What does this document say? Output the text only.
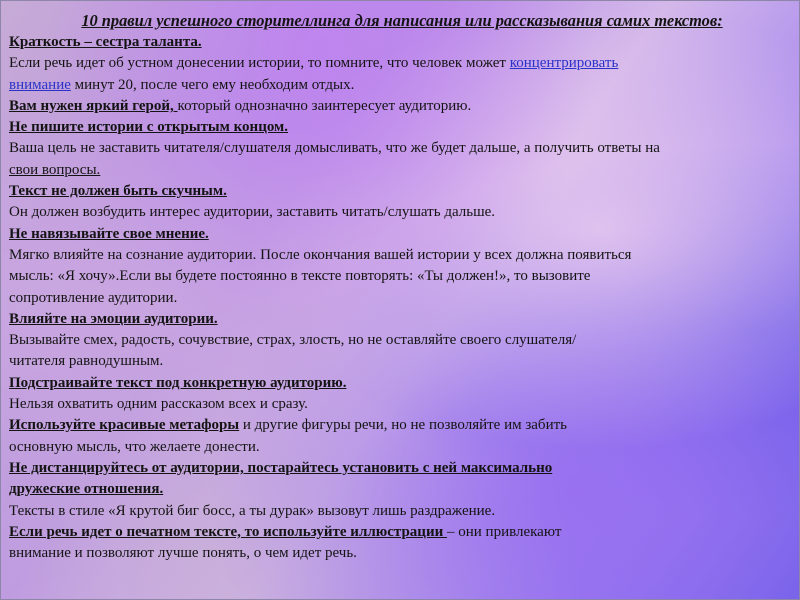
10 правил успешного сторителлинга для написания или рассказывания самих текстов:
Краткость – сестра таланта.
Если речь идет об устном донесении истории, то помните, что человек может концентрировать
внимание минут 20, после чего ему необходим отдых.
Вам нужен яркий герой, который однозначно заинтересует аудиторию.
Не пишите истории с открытым концом.
Ваша цель не заставить читателя/слушателя домысливать, что же будет дальше, а получить ответы на
свои вопросы.
Текст не должен быть скучным.
Он должен возбудить интерес аудитории, заставить читать/слушать дальше.
Не навязывайте свое мнение.
Мягко влияйте на сознание аудитории. После окончания вашей истории у всех должна появиться
мысль: «Я хочу».Если вы будете постоянно в тексте повторять: «Ты должен!», то вызовите
сопротивление аудитории.
Влияйте на эмоции аудитории.
Вызывайте смех, радость, сочувствие, страх, злость, но не оставляйте своего слушателя/
читателя равнодушным.
Подстраивайте текст под конкретную аудиторию.
Нельзя охватить одним рассказом всех и сразу.
Используйте красивые метафоры и другие фигуры речи, но не позволяйте им забить
основную мысль, что желаете донести.
Не дистанцируйтесь от аудитории, постарайтесь установить с ней максимально
дружеские отношения.
Тексты в стиле «Я крутой биг босс, а ты дурак» вызовут лишь раздражение.
Если речь идет о печатном тексте, то используйте иллюстрации – они привлекают
внимание и позволяют лучше понять, о чем идет речь.
